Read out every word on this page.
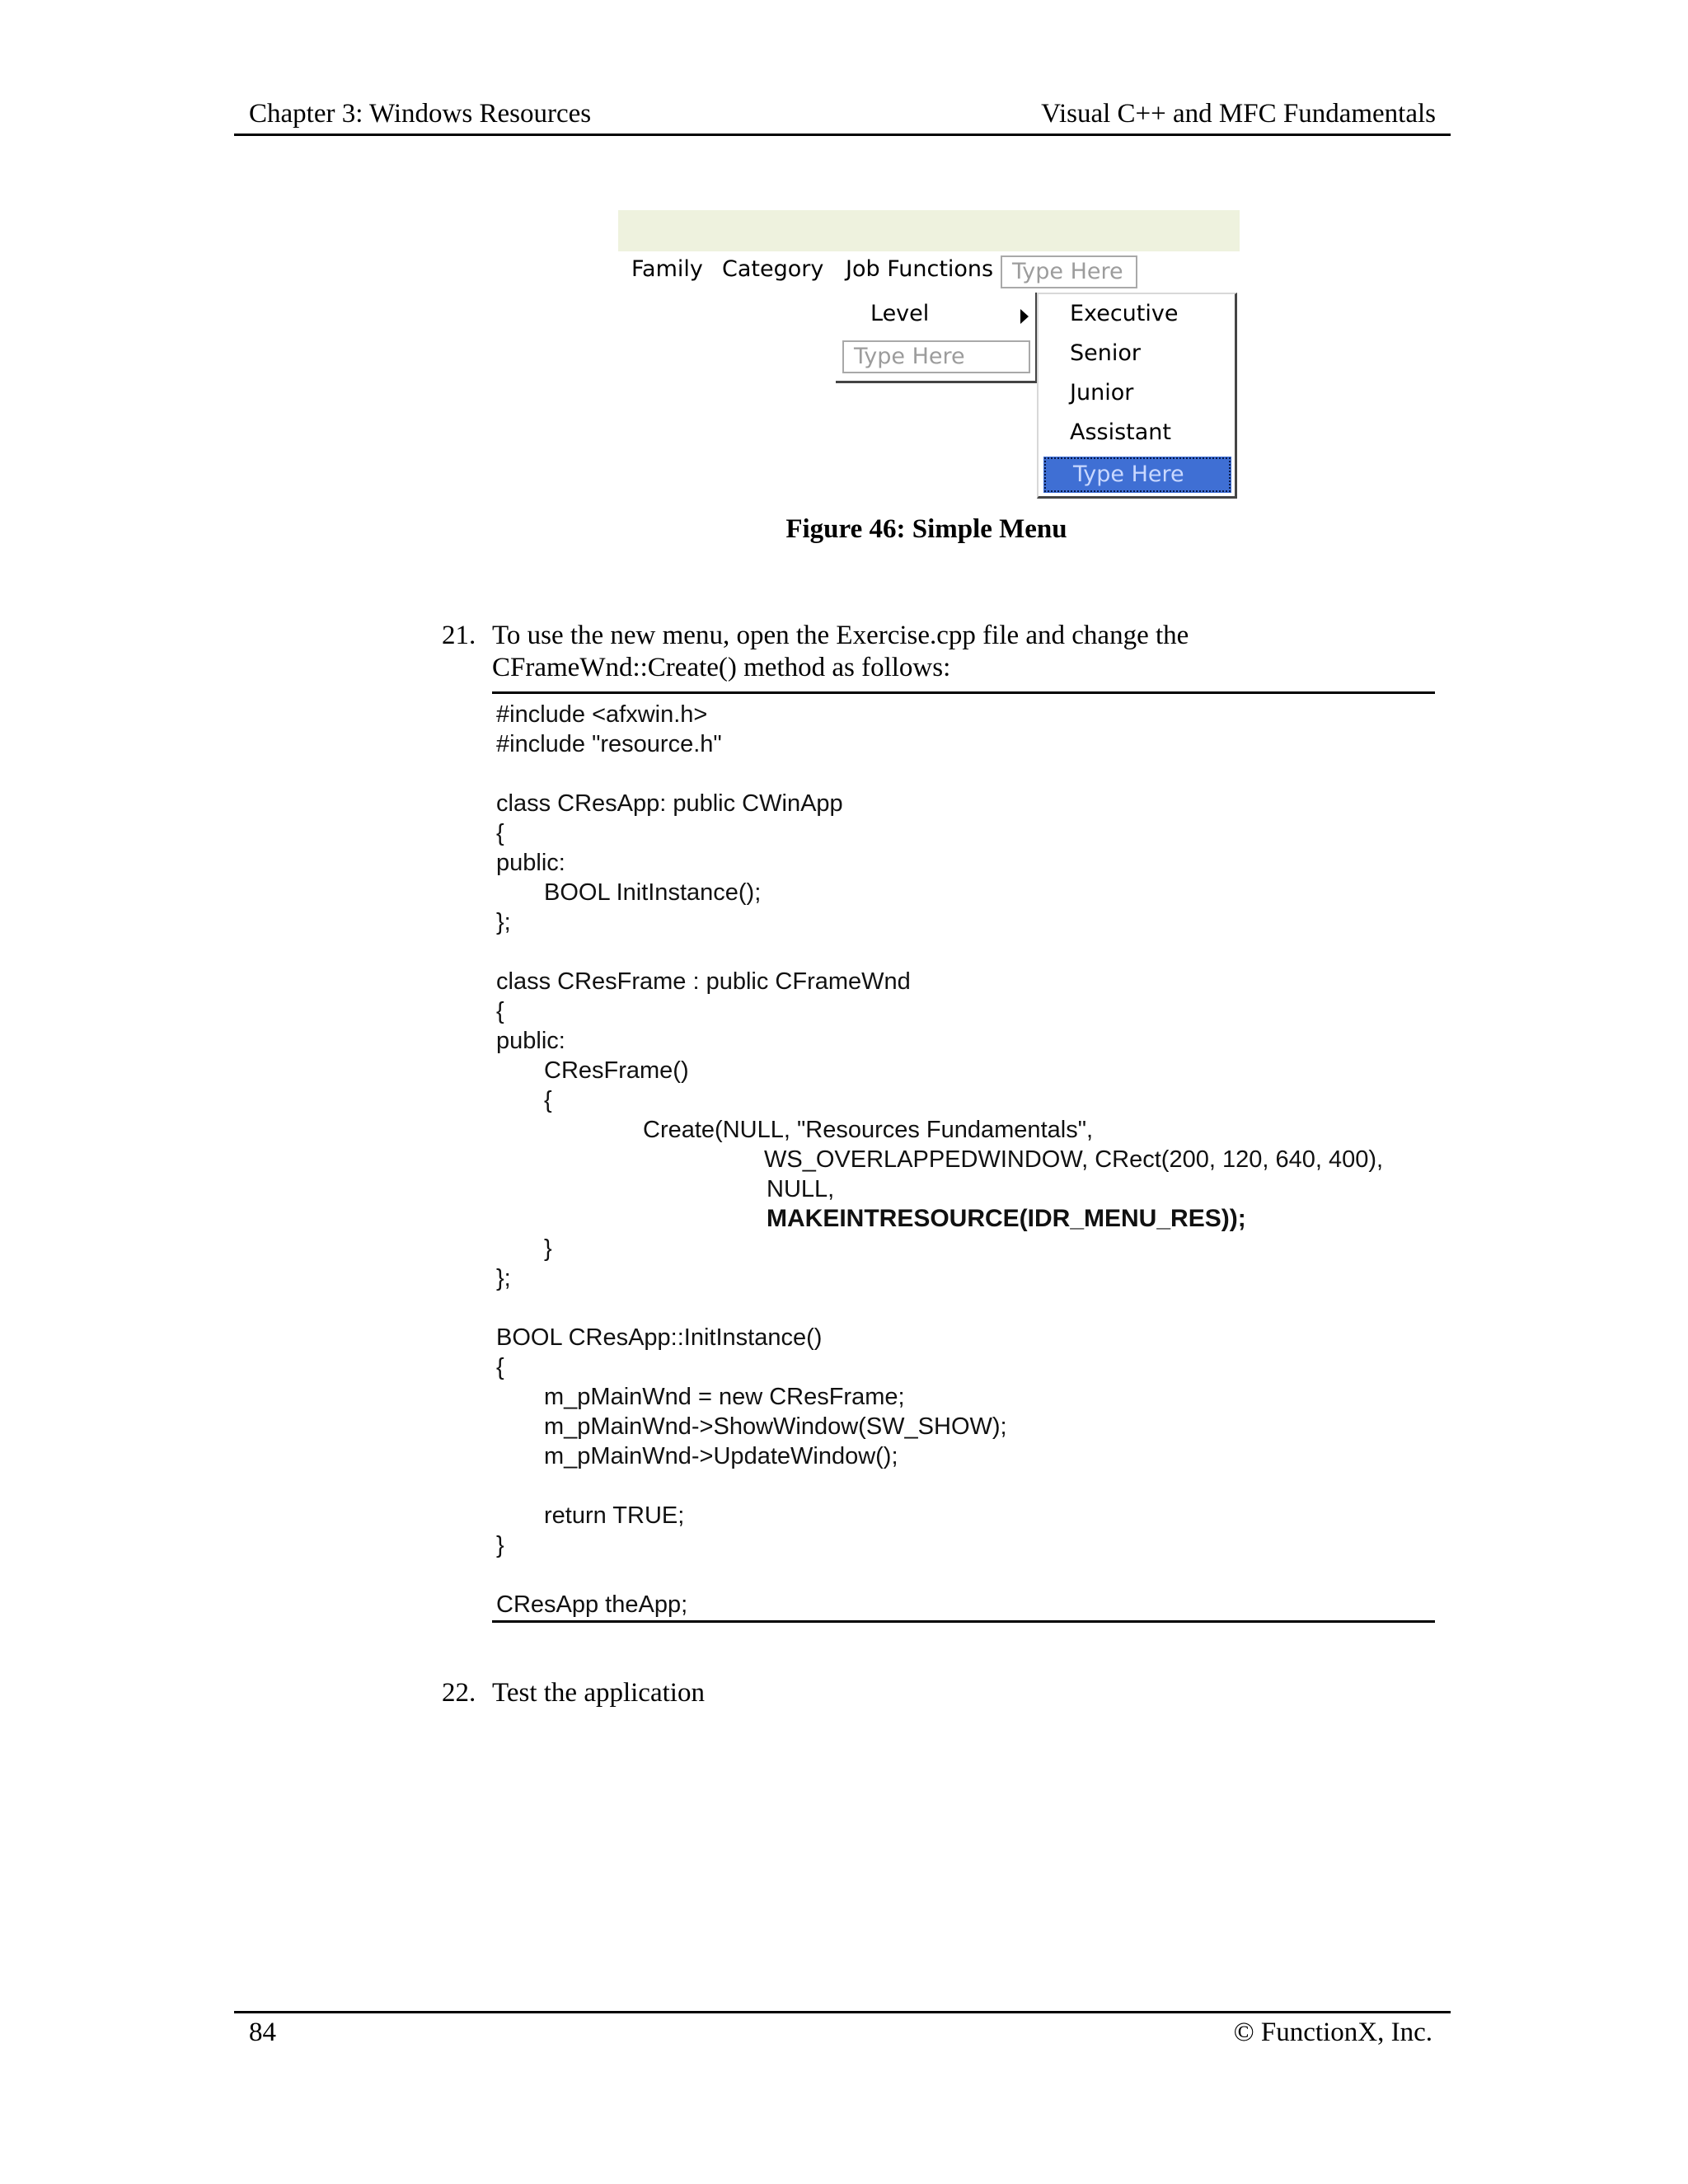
Chapter 3: Windows Resources	Visual C++ and MFC Fundamentals
Family Category Job Functions Type Here
Level
Type Here
Executive
Senior
Junior
Assistant
Type Here
Figure 46: Simple Menu
21. To use the new menu, open the Exercise.cpp file and change the
CFrameWnd::Create() method as follows:
#include <afxwin.h>
#include "resource.h"
class CResApp: public CWinApp
{
public:
BOOL InitInstance();
};
class CResFrame : public CFrameWnd
{
public:
CResFrame()
{
Create(NULL, "Resources Fundamentals",
WS_OVERLAPPEDWINDOW, CRect(200, 120, 640, 400),
NULL,
MAKEINTRESOURCE(IDR_MENU_RES));
}
};
BOOL CResApp::InitInstance()
{
m_pMainWnd = new CResFrame;
m_pMainWnd->ShowWindow(SW_SHOW);
m_pMainWnd->UpdateWindow();
return TRUE;
}
CResApp theApp;
22. Test the application
84	© FunctionX, Inc.
